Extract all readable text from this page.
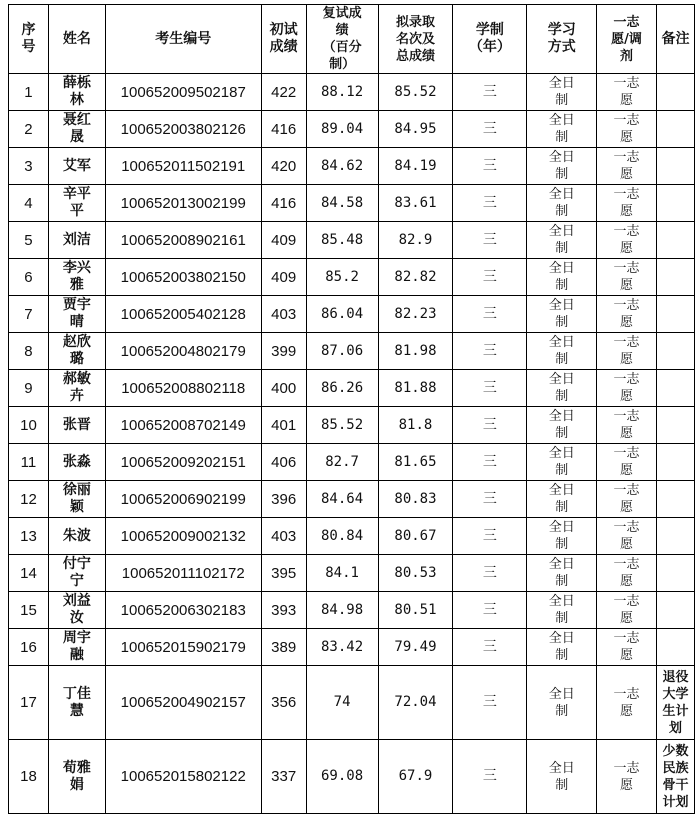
序
号	姓名	考生编号	初试
成绩	复试成
绩
（百分
制）	拟录取
名次及
总成绩	学制
（年）	学习
方式	一志
愿/调
剂	备注
1	薛栎
林	100652009502187	422	88.12	85.52	三	全日
制	一志
愿	
2	聂红
晟	100652003802126	416	89.04	84.95	三	全日
制	一志
愿	
3	艾军	100652011502191	420	84.62	84.19	三	全日
制	一志
愿	
4	辛平
平	100652013002199	416	84.58	83.61	三	全日
制	一志
愿	
5	刘洁	100652008902161	409	85.48	82.9	三	全日
制	一志
愿	
6	李兴
雅	100652003802150	409	85.2	82.82	三	全日
制	一志
愿	
7	贾宇
晴	100652005402128	403	86.04	82.23	三	全日
制	一志
愿	
8	赵欣
璐	100652004802179	399	87.06	81.98	三	全日
制	一志
愿	
9	郝敏
卉	100652008802118	400	86.26	81.88	三	全日
制	一志
愿	
10	张晋	100652008702149	401	85.52	81.8	三	全日
制	一志
愿	
11	张淼	100652009202151	406	82.7	81.65	三	全日
制	一志
愿	
12	徐丽
颖	100652006902199	396	84.64	80.83	三	全日
制	一志
愿	
13	朱波	100652009002132	403	80.84	80.67	三	全日
制	一志
愿	
14	付宁
宁	100652011102172	395	84.1	80.53	三	全日
制	一志
愿	
15	刘益
汝	100652006302183	393	84.98	80.51	三	全日
制	一志
愿	
16	周宇
融	100652015902179	389	83.42	79.49	三	全日
制	一志
愿	
17	丁佳
慧	100652004902157	356	74	72.04	三	全日
制	一志
愿	退役
大学
生计
划
18	荀雅
娟	100652015802122	337	69.08	67.9	三	全日
制	一志
愿	少数
民族
骨干
计划
